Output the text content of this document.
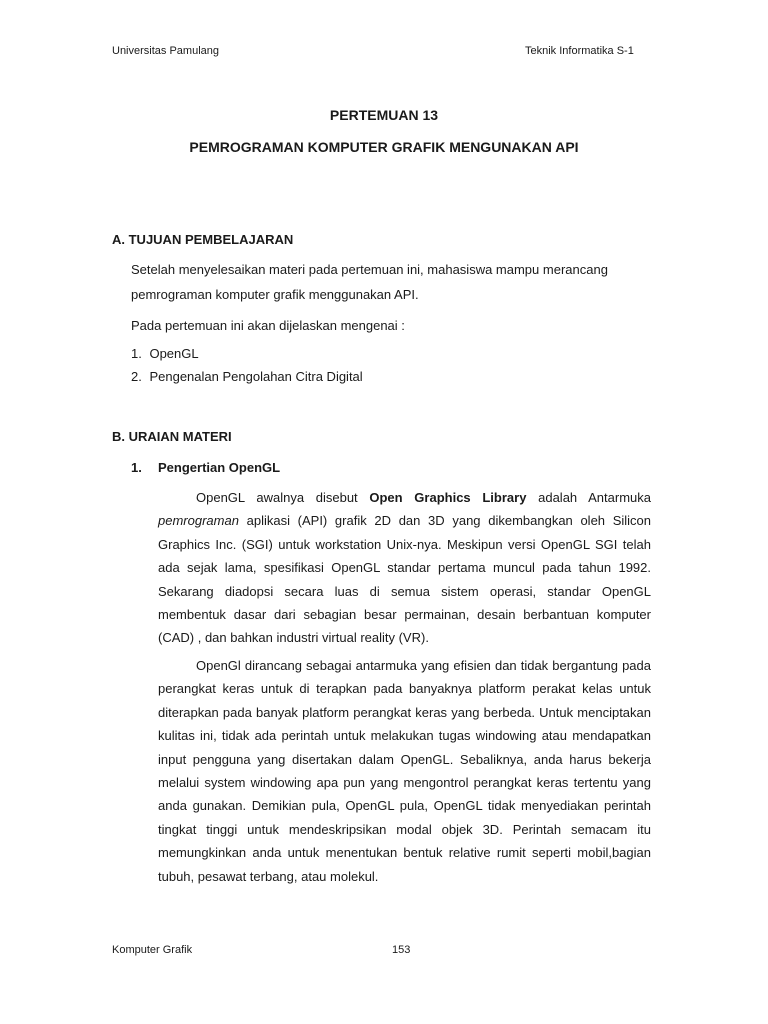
Universitas Pamulang	Teknik Informatika S-1
PERTEMUAN 13
PEMROGRAMAN KOMPUTER GRAFIK MENGUNAKAN API
A. TUJUAN PEMBELAJARAN
Setelah menyelesaikan materi pada pertemuan ini, mahasiswa mampu merancang
pemrograman komputer grafik menggunakan API.
Pada pertemuan ini akan dijelaskan mengenai :
1. OpenGL
2. Pengenalan Pengolahan Citra Digital
B. URAIAN MATERI
1. Pengertian OpenGL

OpenGL awalnya disebut Open Graphics Library adalah Antarmuka pemrograman aplikasi (API) grafik 2D dan 3D yang dikembangkan oleh Silicon Graphics Inc. (SGI) untuk workstation Unix-nya. Meskipun versi OpenGL SGI telah ada sejak lama, spesifikasi OpenGL standar pertama muncul pada tahun 1992. Sekarang diadopsi secara luas di semua sistem operasi, standar OpenGL membentuk dasar dari sebagian besar permainan, desain berbantuan komputer (CAD) , dan bahkan industri virtual reality (VR).

OpenGl dirancang sebagai antarmuka yang efisien dan tidak bergantung pada perangkat keras untuk di terapkan pada banyaknya platform perakat kelas untuk diterapkan pada banyak platform perangkat keras yang berbeda. Untuk menciptakan kulitas ini, tidak ada perintah untuk melakukan tugas windowing atau mendapatkan input pengguna yang disertakan dalam OpenGL. Sebaliknya, anda harus bekerja melalui system windowing apa pun yang mengontrol perangkat keras tertentu yang anda gunakan. Demikian pula, OpenGL pula, OpenGL tidak menyediakan perintah tingkat tinggi untuk mendeskripsikan modal objek 3D. Perintah semacam itu memungkinkan anda untuk menentukan bentuk relative rumit seperti mobil,bagian tubuh, pesawat terbang, atau molekul.

Komputer Grafik	153
